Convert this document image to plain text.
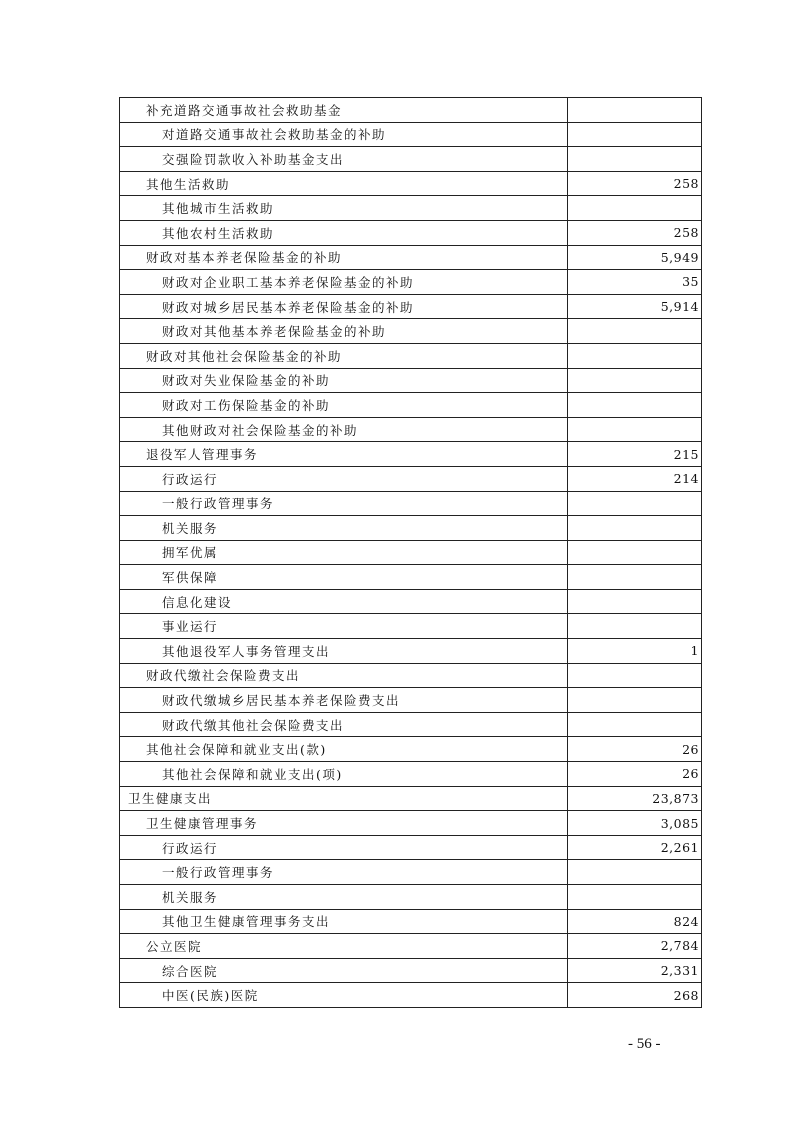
补充道路交通事故社会救助基金	
对道路交通事故社会救助基金的补助	
交强险罚款收入补助基金支出	
其他生活救助	258
其他城市生活救助	
其他农村生活救助	258
财政对基本养老保险基金的补助	5,949
财政对企业职工基本养老保险基金的补助	35
财政对城乡居民基本养老保险基金的补助	5,914
财政对其他基本养老保险基金的补助	
财政对其他社会保险基金的补助	
财政对失业保险基金的补助	
财政对工伤保险基金的补助	
其他财政对社会保险基金的补助	
退役军人管理事务	215
行政运行	214
一般行政管理事务	
机关服务	
拥军优属	
军供保障	
信息化建设	
事业运行	
其他退役军人事务管理支出	1
财政代缴社会保险费支出	
财政代缴城乡居民基本养老保险费支出	
财政代缴其他社会保险费支出	
其他社会保障和就业支出(款)	26
其他社会保障和就业支出(项)	26
卫生健康支出	23,873
卫生健康管理事务	3,085
行政运行	2,261
一般行政管理事务	
机关服务	
其他卫生健康管理事务支出	824
公立医院	2,784
综合医院	2,331
中医(民族)医院	268
- 56 -
